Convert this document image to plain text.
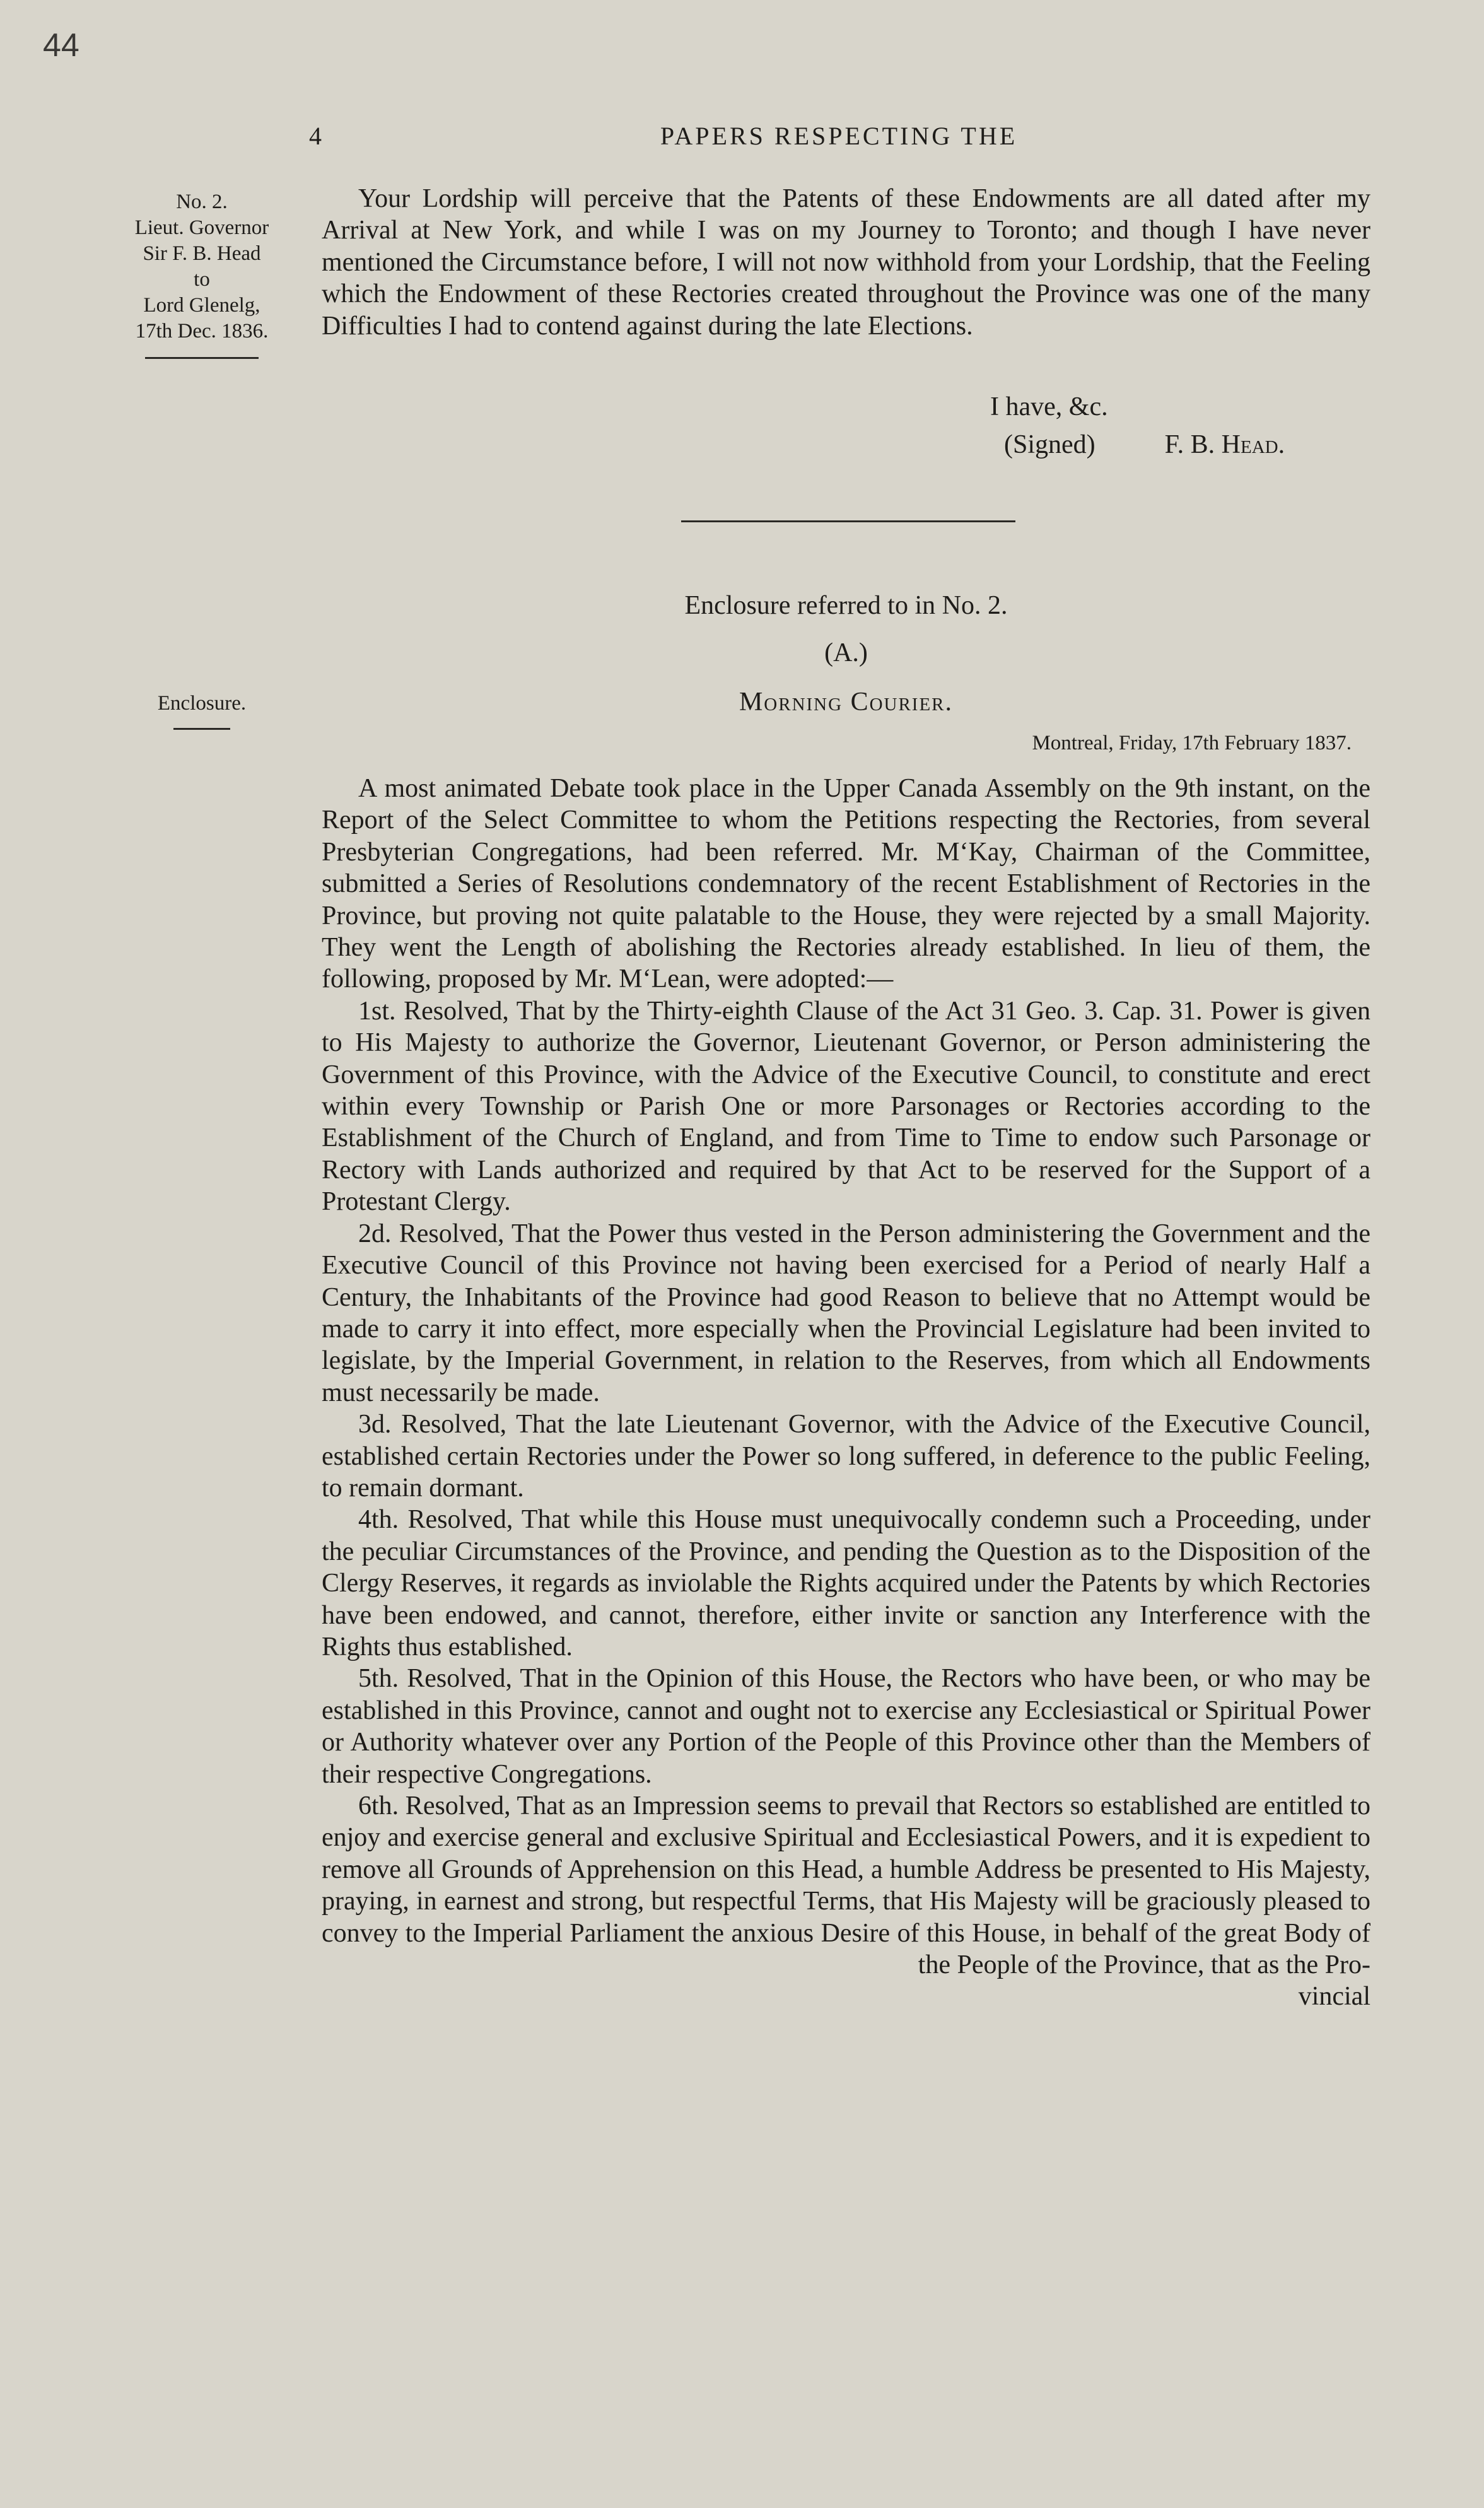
44
4	PAPERS RESPECTING THE
No. 2.
Lieut. Governor
Sir F. B. Head
to
Lord Glenelg,
17th Dec. 1836.

Your Lordship will perceive that the Patents of these Endowments are all dated after my Arrival at New York, and while I was on my Journey to Toronto; and though I have never mentioned the Circumstance before, I will not now withhold from your Lordship, that the Feeling which the Endowment of these Rectories created throughout the Province was one of the many Difficulties I had to contend against during the late Elections.

I have, &c.
(Signed)	F. B. Head.
Enclosure referred to in No. 2.
(A.)
Morning Courier.
Enclosure.
Montreal, Friday, 17th February 1837.

A most animated Debate took place in the Upper Canada Assembly on the 9th instant, on the Report of the Select Committee to whom the Petitions respecting the Rectories, from several Presbyterian Congregations, had been referred. Mr. M‘Kay, Chairman of the Committee, submitted a Series of Resolutions condemnatory of the recent Establishment of Rectories in the Province, but proving not quite palatable to the House, they were rejected by a small Majority. They went the Length of abolishing the Rectories already established. In lieu of them, the following, proposed by Mr. M‘Lean, were adopted:—

1st. Resolved, That by the Thirty-eighth Clause of the Act 31 Geo. 3. Cap. 31. Power is given to His Majesty to authorize the Governor, Lieutenant Governor, or Person administering the Government of this Province, with the Advice of the Executive Council, to constitute and erect within every Township or Parish One or more Parsonages or Rectories according to the Establishment of the Church of England, and from Time to Time to endow such Parsonage or Rectory with Lands authorized and required by that Act to be reserved for the Support of a Protestant Clergy.

2d. Resolved, That the Power thus vested in the Person administering the Government and the Executive Council of this Province not having been exercised for a Period of nearly Half a Century, the Inhabitants of the Province had good Reason to believe that no Attempt would be made to carry it into effect, more especially when the Provincial Legislature had been invited to legislate, by the Imperial Government, in relation to the Reserves, from which all Endowments must necessarily be made.

3d. Resolved, That the late Lieutenant Governor, with the Advice of the Executive Council, established certain Rectories under the Power so long suffered, in deference to the public Feeling, to remain dormant.

4th. Resolved, That while this House must unequivocally condemn such a Proceeding, under the peculiar Circumstances of the Province, and pending the Question as to the Disposition of the Clergy Reserves, it regards as inviolable the Rights acquired under the Patents by which Rectories have been endowed, and cannot, therefore, either invite or sanction any Interference with the Rights thus established.

5th. Resolved, That in the Opinion of this House, the Rectors who have been, or who may be established in this Province, cannot and ought not to exercise any Ecclesiastical or Spiritual Power or Authority whatever over any Portion of the People of this Province other than the Members of their respective Congregations.

6th. Resolved, That as an Impression seems to prevail that Rectors so established are entitled to enjoy and exercise general and exclusive Spiritual and Ecclesiastical Powers, and it is expedient to remove all Grounds of Apprehension on this Head, a humble Address be presented to His Majesty, praying, in earnest and strong, but respectful Terms, that His Majesty will be graciously pleased to convey to the Imperial Parliament the anxious Desire of this House, in behalf of the great Body of the People of the Province, that as the Pro-

vincial
